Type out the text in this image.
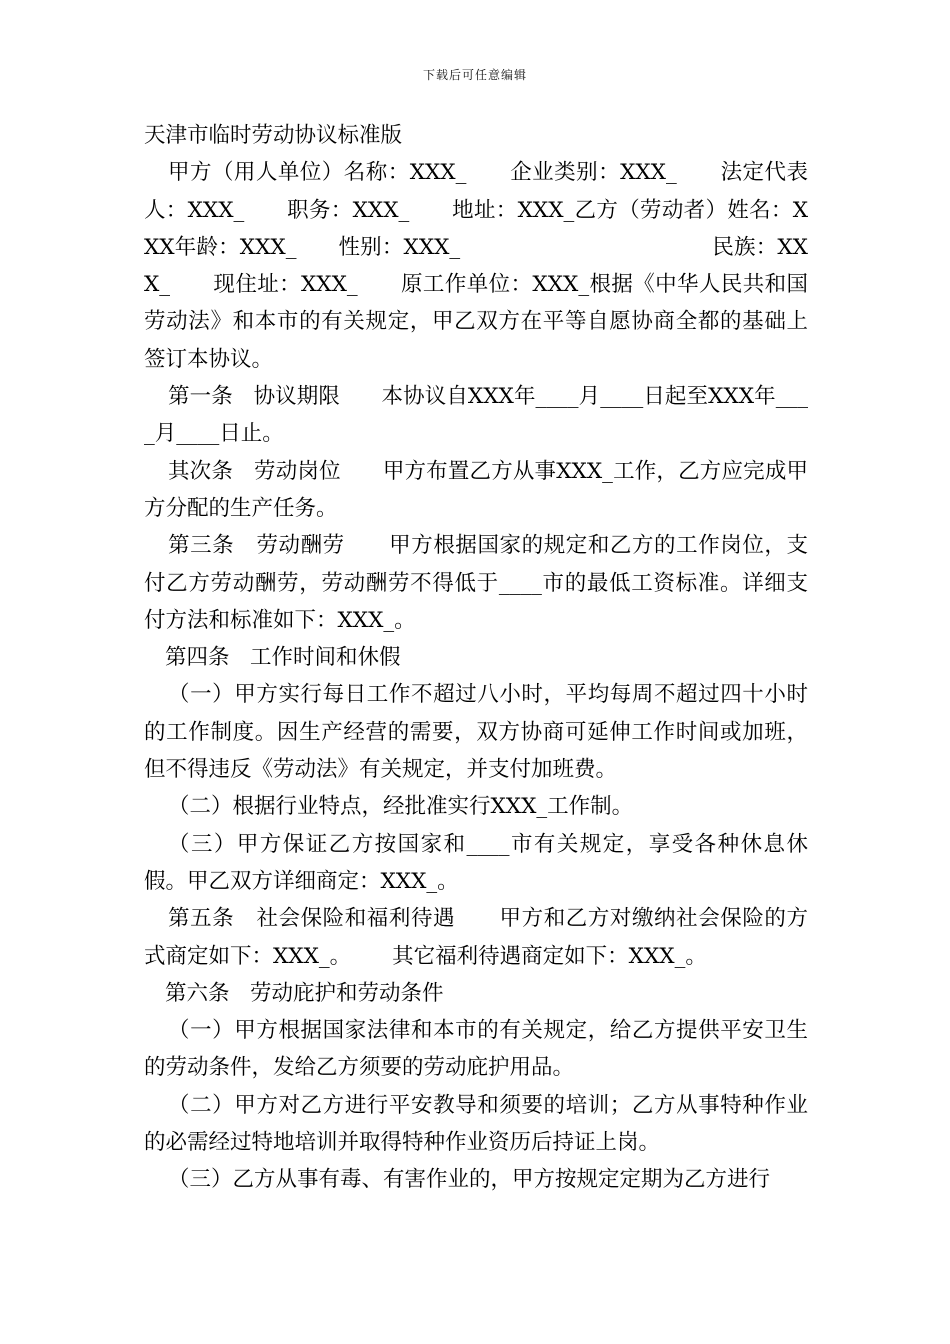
下载后可任意编辑

天津市临时劳动协议标准版

甲方（用人单位）名称：XXX_      企业类别：XXX_      法定代表人：XXX_      职务：XXX_      地址：XXX_乙方（劳动者）姓名：XXX年龄：XXX_      性别：XXX_                                    民族：XXX_      现住址：XXX_      原工作单位：XXX_根据《中华人民共和国劳动法》和本市的有关规定，甲乙双方在平等自愿协商全都的基础上签订本协议。

第一条   协议期限      本协议自XXX年____月____日起至XXX年____月____日止。

其次条   劳动岗位      甲方布置乙方从事XXX_工作，乙方应完成甲方分配的生产任务。

第三条   劳动酬劳      甲方根据国家的规定和乙方的工作岗位，支付乙方劳动酬劳，劳动酬劳不得低于____市的最低工资标准。详细支付方法和标准如下：XXX_。

第四条   工作时间和休假

（一）甲方实行每日工作不超过八小时，平均每周不超过四十小时的工作制度。因生产经营的需要，双方协商可延伸工作时间或加班，但不得违反《劳动法》有关规定，并支付加班费。

（二）根据行业特点，经批准实行XXX_工作制。

（三）甲方保证乙方按国家和____市有关规定，享受各种休息休假。甲乙双方详细商定：XXX_。

第五条   社会保险和福利待遇      甲方和乙方对缴纳社会保险的方式商定如下：XXX_。      其它福利待遇商定如下：XXX_。

第六条   劳动庇护和劳动条件

（一）甲方根据国家法律和本市的有关规定，给乙方提供平安卫生的劳动条件，发给乙方须要的劳动庇护用品。

（二）甲方对乙方进行平安教导和须要的培训；乙方从事特种作业的必需经过特地培训并取得特种作业资历后持证上岗。

（三）乙方从事有毒、有害作业的，甲方按规定定期为乙方进行
